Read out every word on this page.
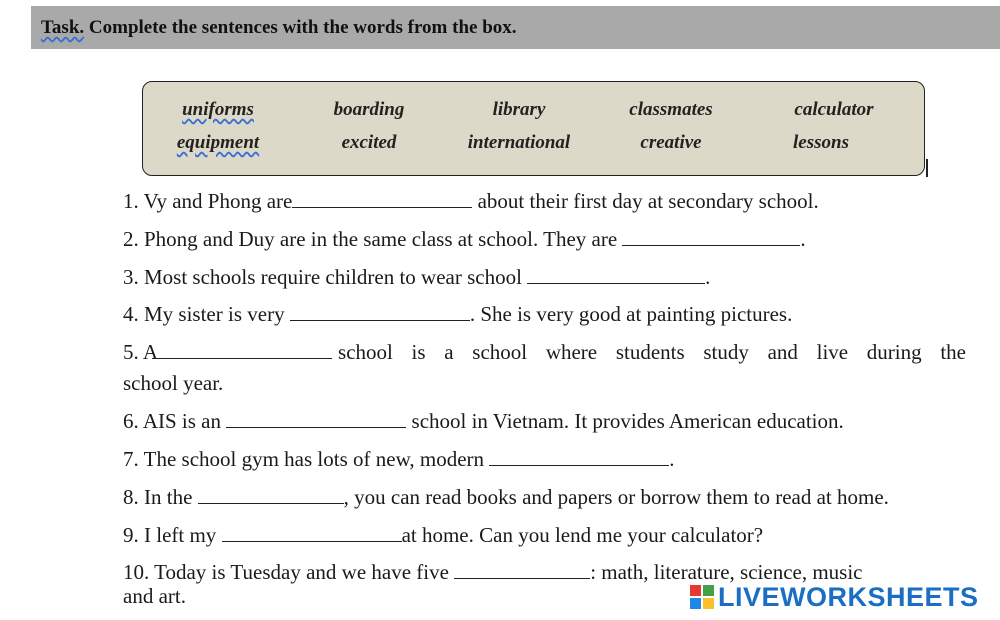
Task. Complete the sentences with the words from the box.
uniforms	boarding	library	classmates	calculator
equipment	excited	international	creative	lessons
1. Vy and Phong are	about their first day at secondary school.
2. Phong and Duy are in the same class at school. They are	.
3. Most schools require children to wear school	.
4. My sister is very	. She is very good at painting pictures.
5. A	school is a school where students study and live during the
school year.
6. AIS is an	school in Vietnam. It provides American education.
7. The school gym has lots of new, modern	.
8. In the	, you can read books and papers or borrow them to read at home.
9. I left my	at home. Can you lend me your calculator?
10. Today is Tuesday and we have five	: math, literature, science, music
and art.	LIVEWORKSHEETS
